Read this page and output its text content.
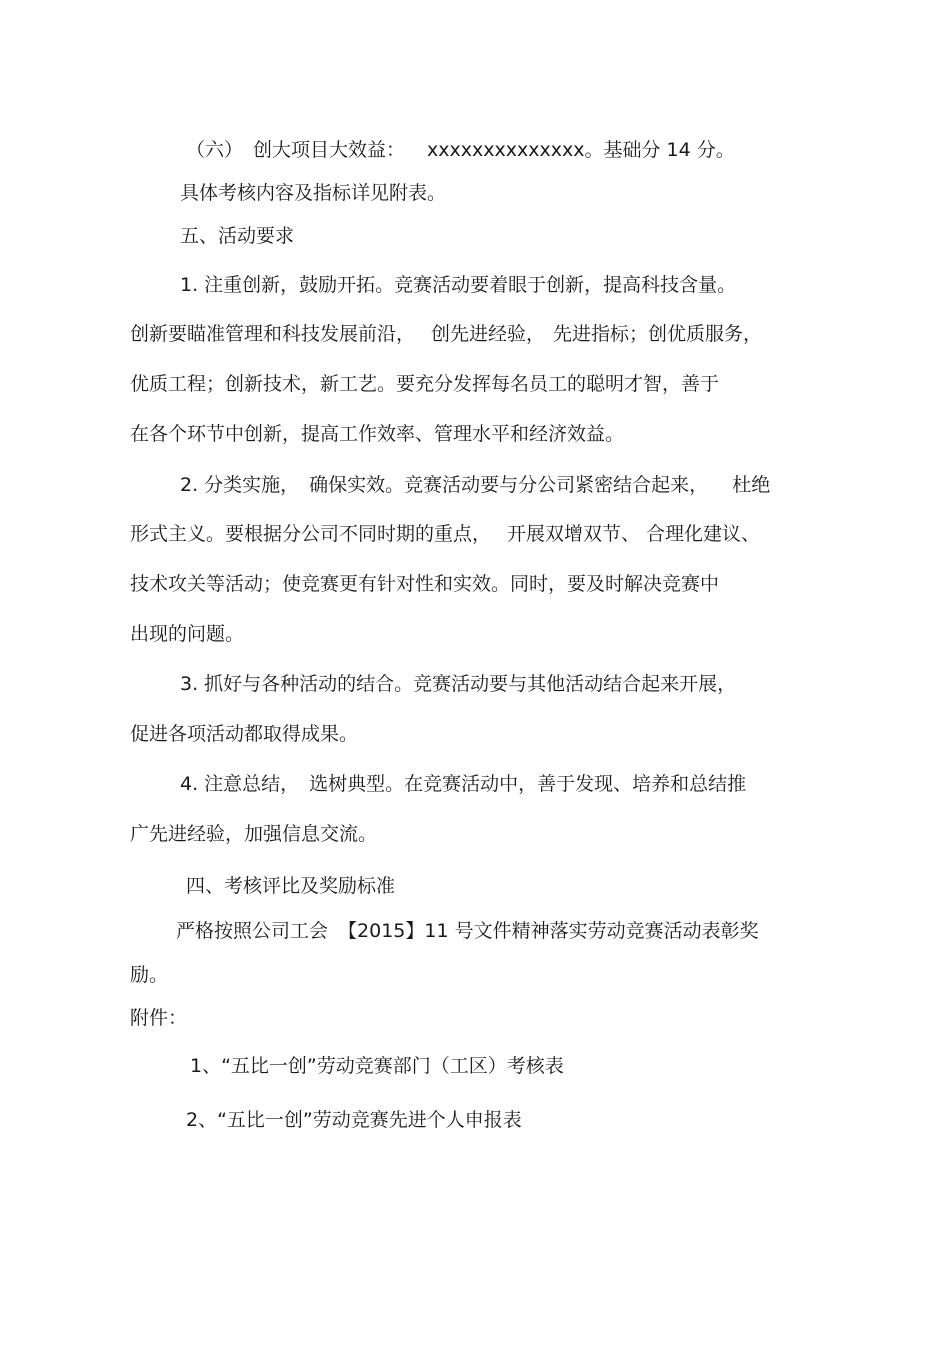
（六） 创大项目大效益： xxxxxxxxxxxxxx。基础分 14 分。

具体考核内容及指标详见附表。

五、活动要求

1. 注重创新，鼓励开拓。竞赛活动要着眼于创新，提高科技含量。

创新要瞄准管理和科技发展前沿， 创先进经验， 先进指标；创优质服务，

优质工程；创新技术，新工艺。要充分发挥每名员工的聪明才智，善于

在各个环节中创新，提高工作效率、管理水平和经济效益。

2. 分类实施， 确保实效。竞赛活动要与分公司紧密结合起来， 杜绝

形式主义。要根据分公司不同时期的重点， 开展双增双节、 合理化建议、

技术攻关等活动；使竞赛更有针对性和实效。同时，要及时解决竞赛中

出现的问题。

3. 抓好与各种活动的结合。竞赛活动要与其他活动结合起来开展，

促进各项活动都取得成果。

4. 注意总结， 选树典型。在竞赛活动中，善于发现、培养和总结推

广先进经验，加强信息交流。

四、考核评比及奖励标准

严格按照公司工会 【2015】11 号文件精神落实劳动竞赛活动表彰奖

励。

附件：

1、“五比一创”劳动竞赛部门（工区）考核表

2、“五比一创”劳动竞赛先进个人申报表
